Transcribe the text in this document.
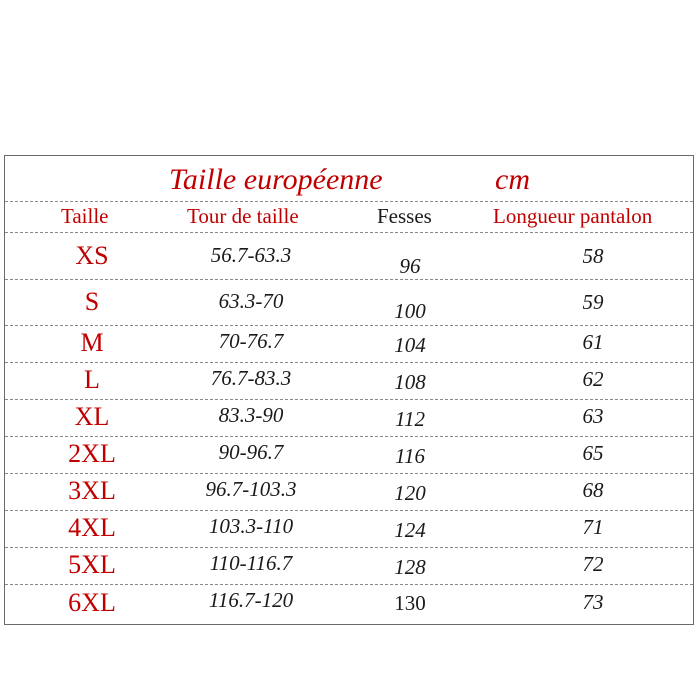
Taille européenne	cm
Taille	Tour de taille	Fesses	Longueur pantalon
XS	56.7-63.3	96	58
S	63.3-70	100	59
M	70-76.7	104	61
L	76.7-83.3	108	62
XL	83.3-90	112	63
2XL	90-96.7	116	65
3XL	96.7-103.3	120	68
4XL	103.3-110	124	71
5XL	110-116.7	128	72
6XL	116.7-120	130	73
